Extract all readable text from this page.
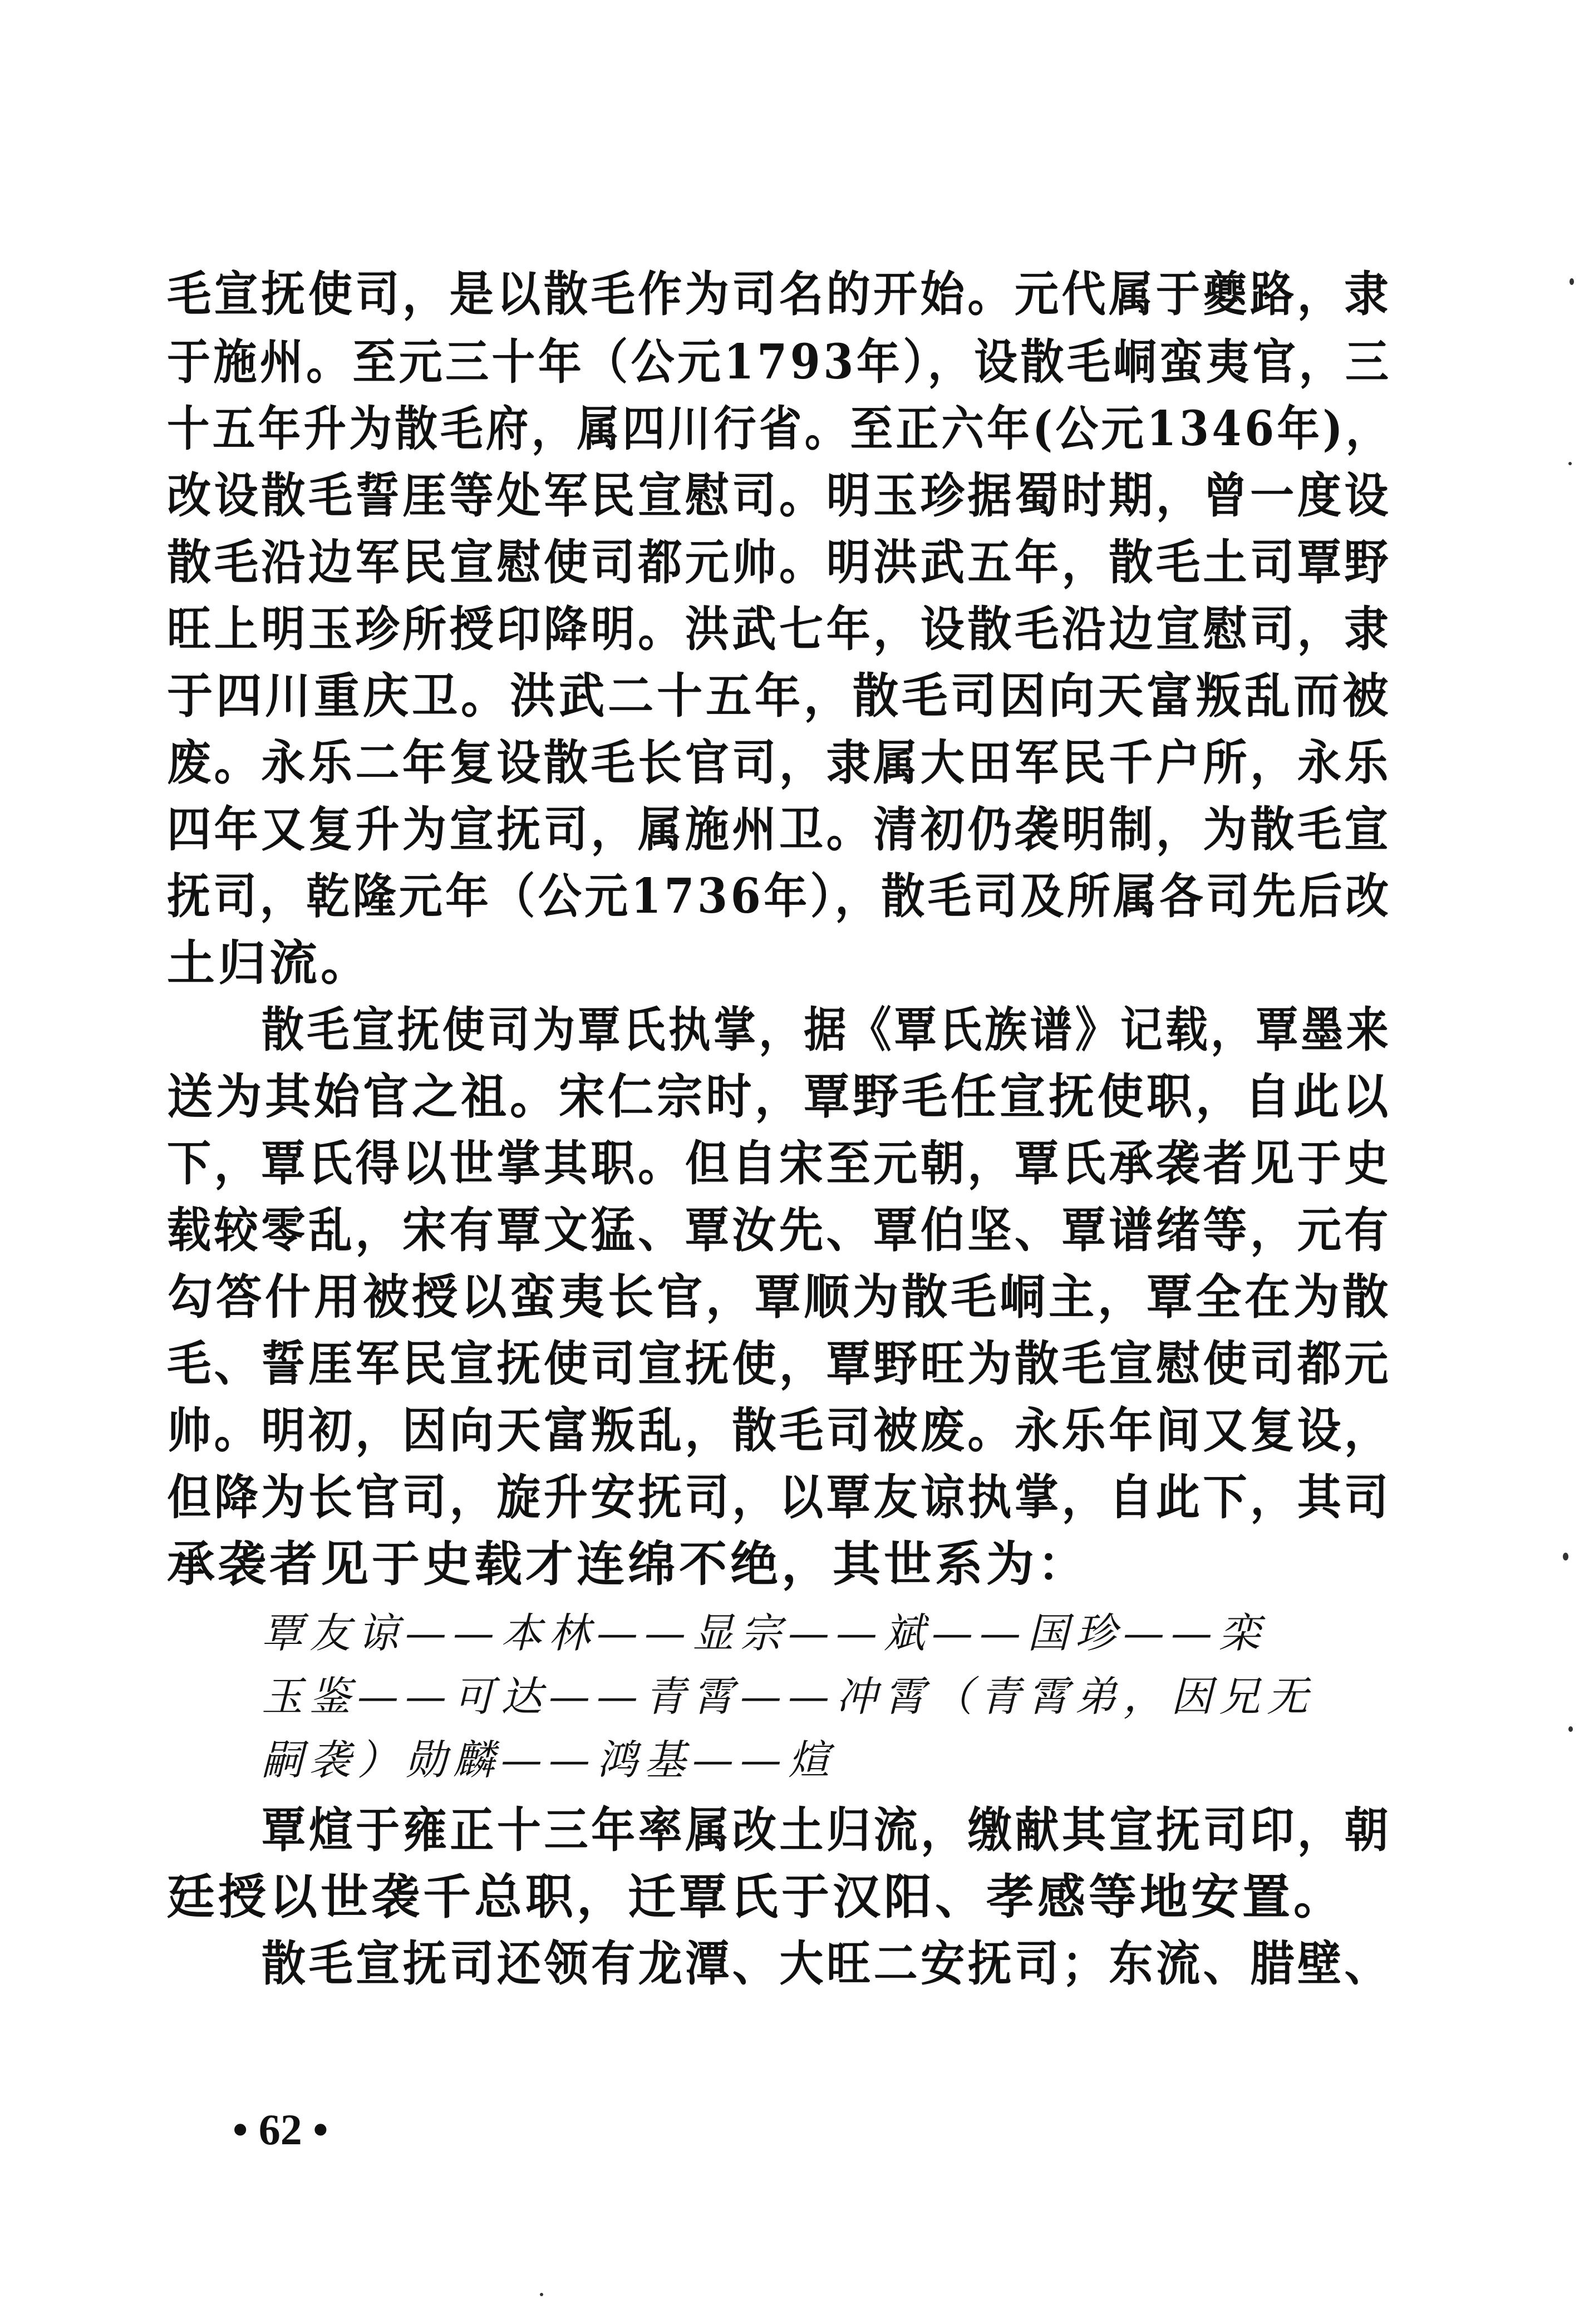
毛宣抚使司，是以散毛作为司名的开始。元代属于夔路，隶
于施州。至元三十年（公元1793年），设散毛峒蛮夷官，三
十五年升为散毛府，属四川行省。至正六年(公元1346年)，
改设散毛誓厓等处军民宣慰司。明玉珍据蜀时期，曾一度设
散毛沿边军民宣慰使司都元帅。明洪武五年，散毛土司覃野
旺上明玉珍所授印降明。洪武七年，设散毛沿边宣慰司，隶
于四川重庆卫。洪武二十五年，散毛司因向天富叛乱而被
废。永乐二年复设散毛长官司，隶属大田军民千户所，永乐
四年又复升为宣抚司，属施州卫。清初仍袭明制，为散毛宣
抚司，乾隆元年（公元1736年），散毛司及所属各司先后改
土归流。
散毛宣抚使司为覃氏执掌，据《覃氏族谱》记载，覃墨来
送为其始官之祖。宋仁宗时，覃野毛任宣抚使职，自此以
下，覃氏得以世掌其职。但自宋至元朝，覃氏承袭者见于史
载较零乱，宋有覃文猛、覃汝先、覃伯坚、覃谱绪等，元有
勾答什用被授以蛮夷长官，覃顺为散毛峒主，覃全在为散
毛、誓厓军民宣抚使司宣抚使，覃野旺为散毛宣慰使司都元
帅。明初，因向天富叛乱，散毛司被废。永乐年间又复设，
但降为长官司，旋升安抚司，以覃友谅执掌，自此下，其司
承袭者见于史载才连绵不绝，其世系为：
覃友谅——本林——显宗——斌——国珍——栾
玉鉴——可达——青霄——冲霄（青霄弟，因兄无
嗣袭）勋麟——鸿基——煊
覃煊于雍正十三年率属改土归流，缴献其宣抚司印，朝
廷授以世袭千总职，迁覃氏于汉阳、孝感等地安置。
散毛宣抚司还领有龙潭、大旺二安抚司；东流、腊壁、
• 62 •
